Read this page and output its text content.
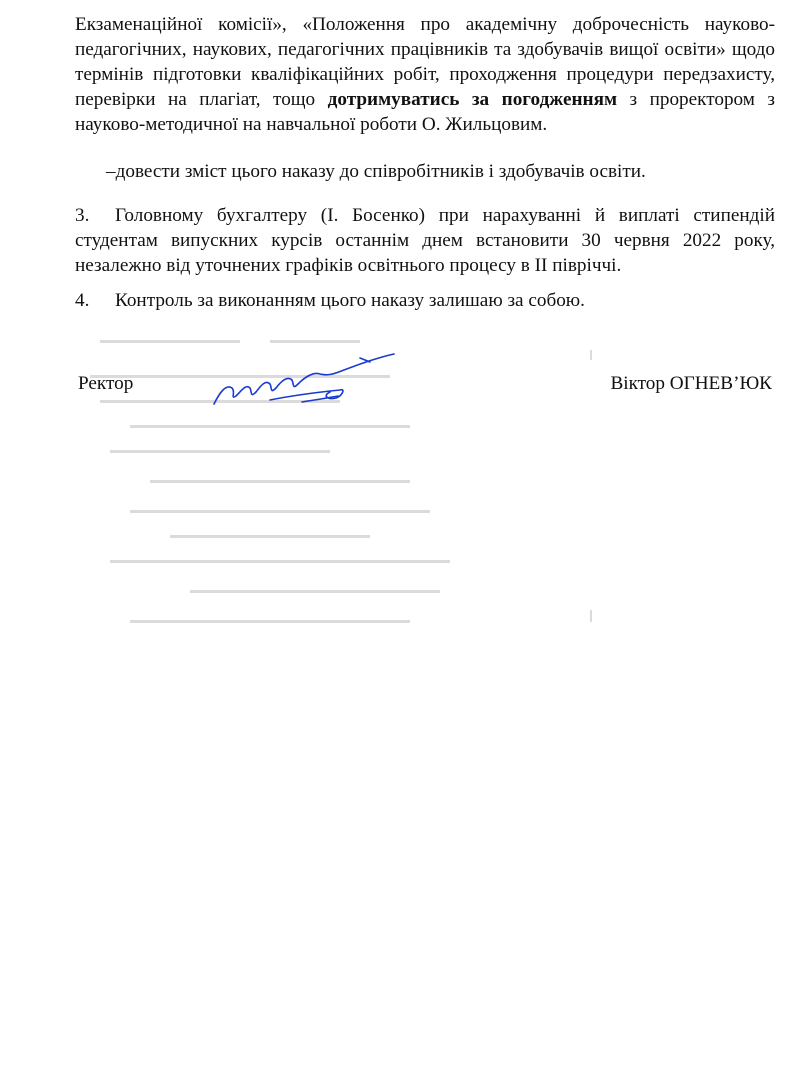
Екзаменаційної комісії», «Положення про академічну доброчесність науково-педагогічних, наукових, педагогічних працівників та здобувачів вищої освіти» щодо термінів підготовки кваліфікаційних робіт, проходження процедури передзахисту, перевірки на плагіат, тощо дотримуватись за погодженням з проректором з науково-методичної на навчальної роботи О. Жильцовим.

–довести зміст цього наказу до співробітників і здобувачів освіти.

3. Головному бухгалтеру (І. Босенко) при нарахуванні й виплаті стипендій студентам випускних курсів останнім днем встановити 30 червня 2022 року, незалежно від уточнених графіків освітнього процесу в ІІ півріччі.

4. Контроль за виконанням цього наказу залишаю за собою.

Ректор	Віктор ОГНЕВ’ЮК
